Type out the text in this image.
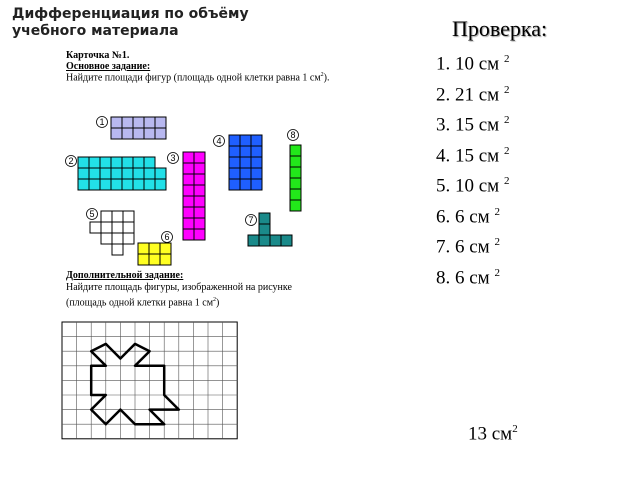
Дифференциация по объёму учебного материала	Проверка:
1. 10 см $^2$
2. 21 см $^2$
3. 15 см $^2$
4. 15 см $^2$
5. 10 см $^2$
6. 6 см $^2$
7. 6 см $^2$
8. 6 см $^2$
Карточка №1.
Основное задание:
Найдите площади фигур (площадь одной клетки равна 1 $см^2$).
1
2	3
4
5
6
7
8
Дополнительной задание:
Найдите площадь фигуры, изображенной на рисунке
(площадь одной клетки равна 1 $см^2$)
13 $см^2$
